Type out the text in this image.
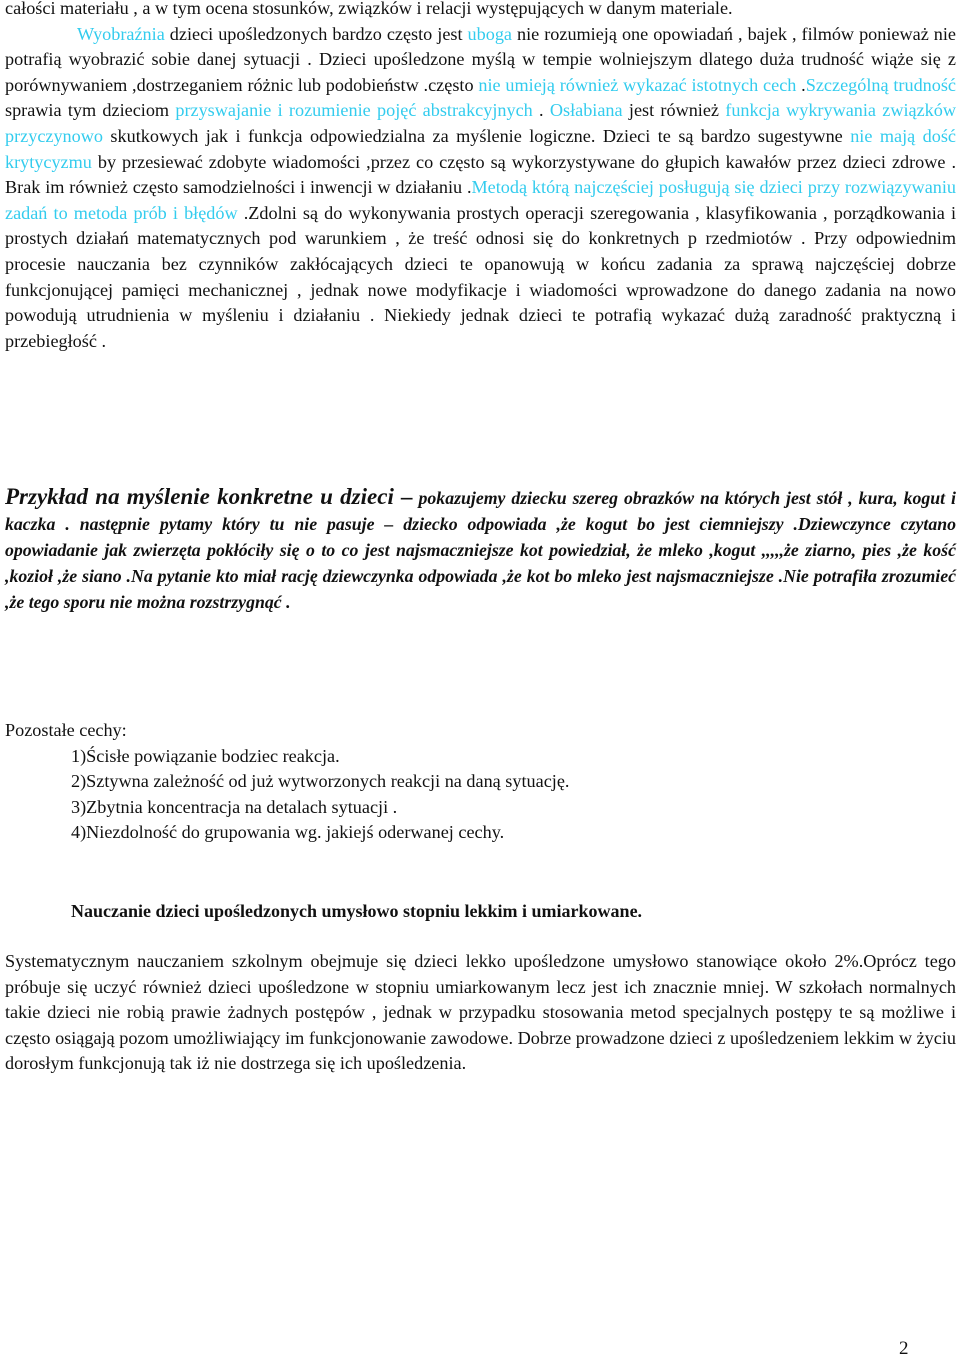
całości materiału , a w tym ocena stosunków, związków i relacji występujących w danym materiale.
Wyobraźnia dzieci upośledzonych bardzo często jest uboga nie rozumieją one opowiadań , bajek , filmów ponieważ nie potrafią wyobrazić sobie danej sytuacji . Dzieci upośledzone myślą w tempie wolniejszym dlatego duża trudność wiąże się z porównywaniem ,dostrzeganiem różnic lub podobieństw .często nie umieją również wykazać istotnych cech .Szczególną trudność sprawia tym dzieciom przyswajanie i rozumienie pojęć abstrakcyjnych . Osłabiana jest również funkcja wykrywania związków przyczynowo skutkowych jak i funkcja odpowiedzialna za myślenie logiczne. Dzieci te są bardzo sugestywne nie mają dość krytycyzmu by przesiewać zdobyte wiadomości ,przez co często są wykorzystywane do głupich kawałów przez dzieci zdrowe . Brak im również często samodzielności i inwencji w działaniu .Metodą którą najczęściej posługują się dzieci przy rozwiązywaniu zadań to metoda prób i błędów .Zdolni są do wykonywania prostych operacji szeregowania , klasyfikowania , porządkowania i prostych działań matematycznych pod warunkiem , że treść odnosi się do konkretnych p rzedmiotów . Przy odpowiednim procesie nauczania bez czynników zakłócających dzieci te opanowują w końcu zadania za sprawą najczęściej dobrze funkcjonującej pamięci mechanicznej , jednak nowe modyfikacje i wiadomości wprowadzone do danego zadania na nowo powodują utrudnienia w myśleniu i działaniu . Niekiedy jednak dzieci te potrafią wykazać dużą zaradność praktyczną i przebiegłość .

Przykład na myślenie konkretne u dzieci – pokazujemy dziecku szereg obrazków na których jest stół , kura, kogut i kaczka . następnie pytamy który tu nie pasuje – dziecko odpowiada ,że kogut bo jest ciemniejszy .Dziewczynce czytano opowiadanie jak zwierzęta pokłóciły się o to co jest najsmaczniejsze kot powiedział, że mleko ,kogut ,,,,,że ziarno, pies ,że kość ,kozioł ,że siano .Na pytanie kto miał rację dziewczynka odpowiada ,że kot bo mleko jest najsmaczniejsze .Nie potrafiła zrozumieć ,że tego sporu nie można rozstrzygnąć .

Pozostałe cechy:

1)Ścisłe powiązanie bodziec reakcja.

2)Sztywna zależność od już wytworzonych reakcji na daną sytuację.

3)Zbytnia koncentracja na detalach sytuacji .

4)Niezdolność do grupowania wg. jakiejś oderwanej cechy.

Nauczanie dzieci upośledzonych umysłowo stopniu lekkim i umiarkowane.

Systematycznym nauczaniem szkolnym obejmuje się dzieci lekko upośledzone umysłowo stanowiące około 2%.Oprócz tego próbuje się uczyć również dzieci upośledzone w stopniu umiarkowanym lecz jest ich znacznie mniej. W szkołach normalnych takie dzieci nie robią prawie żadnych postępów , jednak w przypadku stosowania metod specjalnych postępy te są możliwe i często osiągają pozom umożliwiający im funkcjonowanie zawodowe. Dobrze prowadzone dzieci z upośledzeniem lekkim w życiu dorosłym funkcjonują tak iż nie dostrzega się ich upośledzenia.

2
